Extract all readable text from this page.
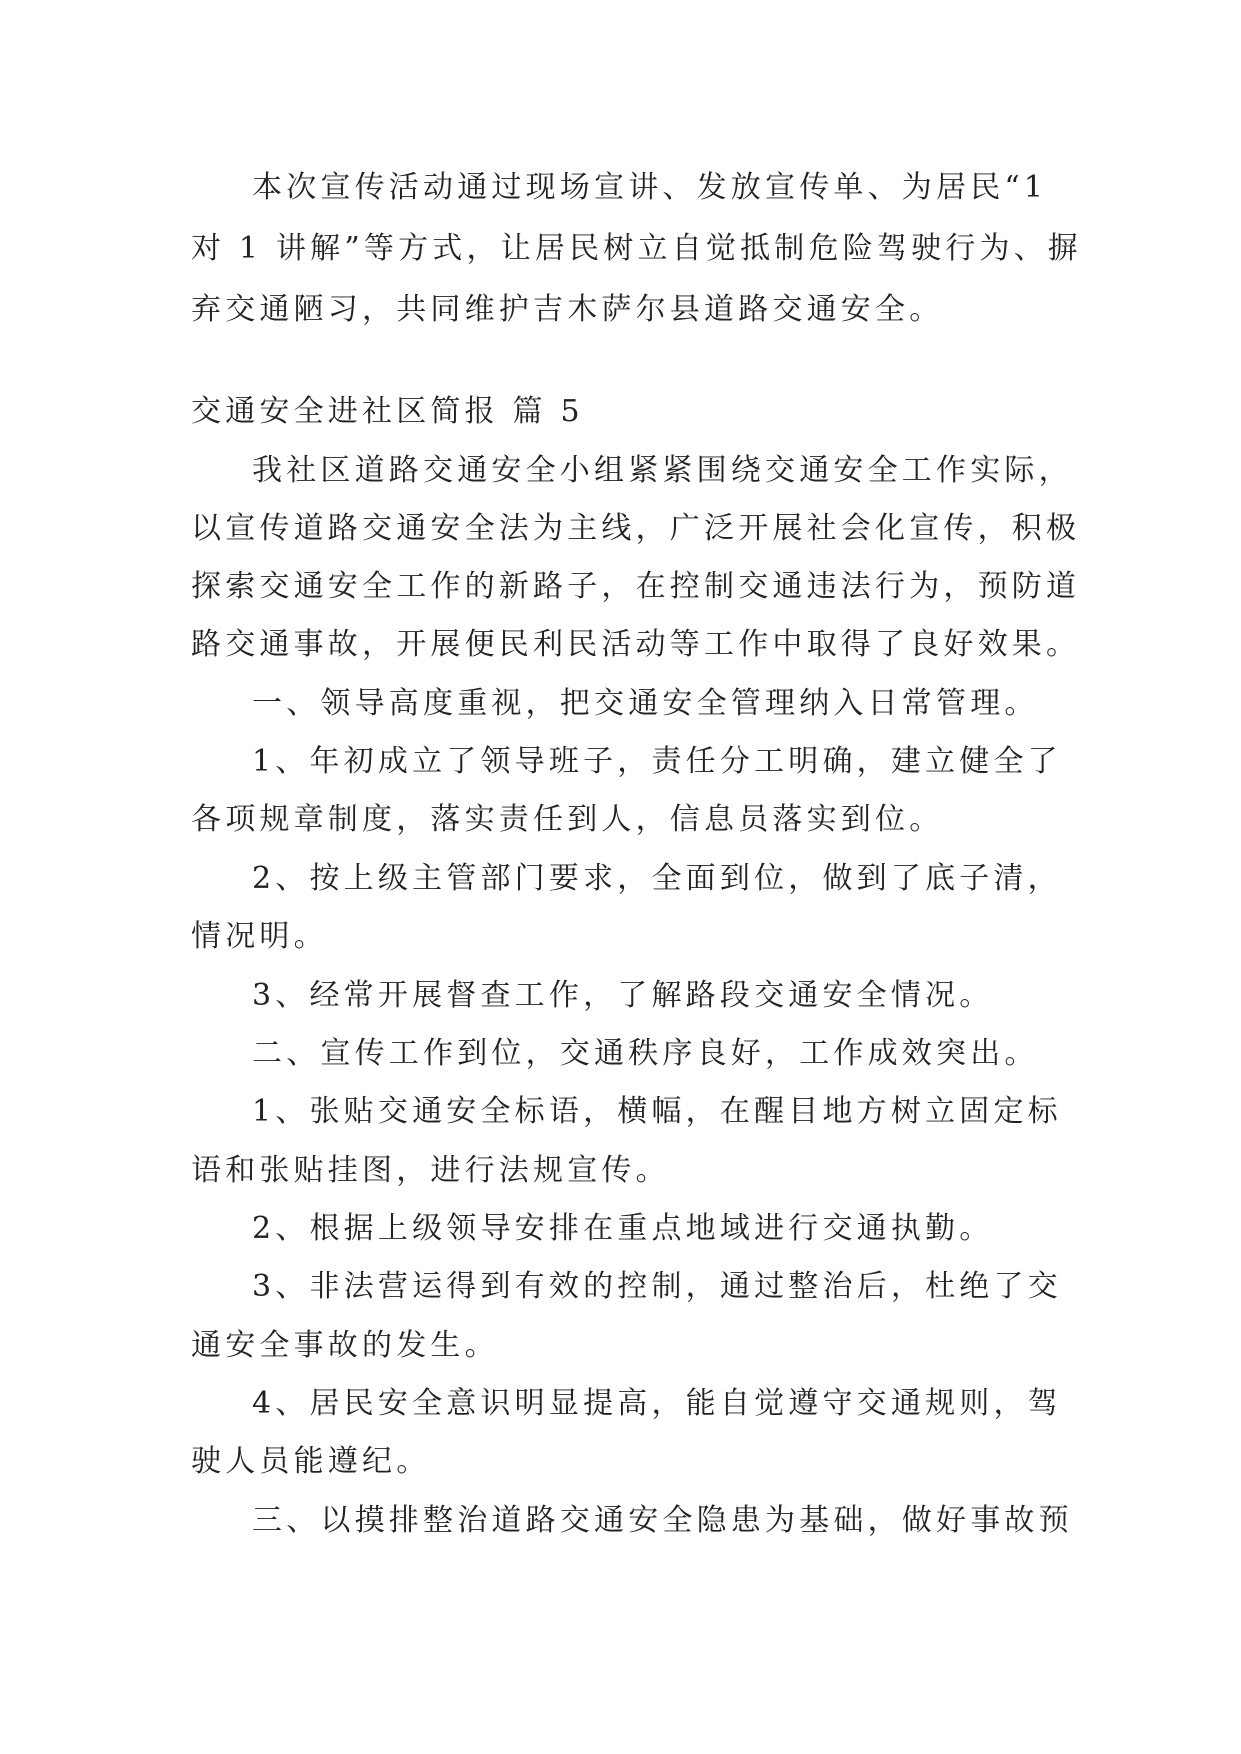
本次宣传活动通过现场宣讲、发放宣传单、为居民“1
对 1 讲解”等方式，让居民树立自觉抵制危险驾驶行为、摒
弃交通陋习，共同维护吉木萨尔县道路交通安全。
交通安全进社区简报 篇 5
我社区道路交通安全小组紧紧围绕交通安全工作实际，
以宣传道路交通安全法为主线，广泛开展社会化宣传，积极
探索交通安全工作的新路子，在控制交通违法行为，预防道
路交通事故，开展便民利民活动等工作中取得了良好效果。
一、领导高度重视，把交通安全管理纳入日常管理。
1、年初成立了领导班子，责任分工明确，建立健全了
各项规章制度，落实责任到人，信息员落实到位。
2、按上级主管部门要求，全面到位，做到了底子清，
情况明。
3、经常开展督查工作，了解路段交通安全情况。
二、宣传工作到位，交通秩序良好，工作成效突出。
1、张贴交通安全标语，横幅，在醒目地方树立固定标
语和张贴挂图，进行法规宣传。
2、根据上级领导安排在重点地域进行交通执勤。
3、非法营运得到有效的控制，通过整治后，杜绝了交
通安全事故的发生。
4、居民安全意识明显提高，能自觉遵守交通规则，驾
驶人员能遵纪。
三、以摸排整治道路交通安全隐患为基础，做好事故预
